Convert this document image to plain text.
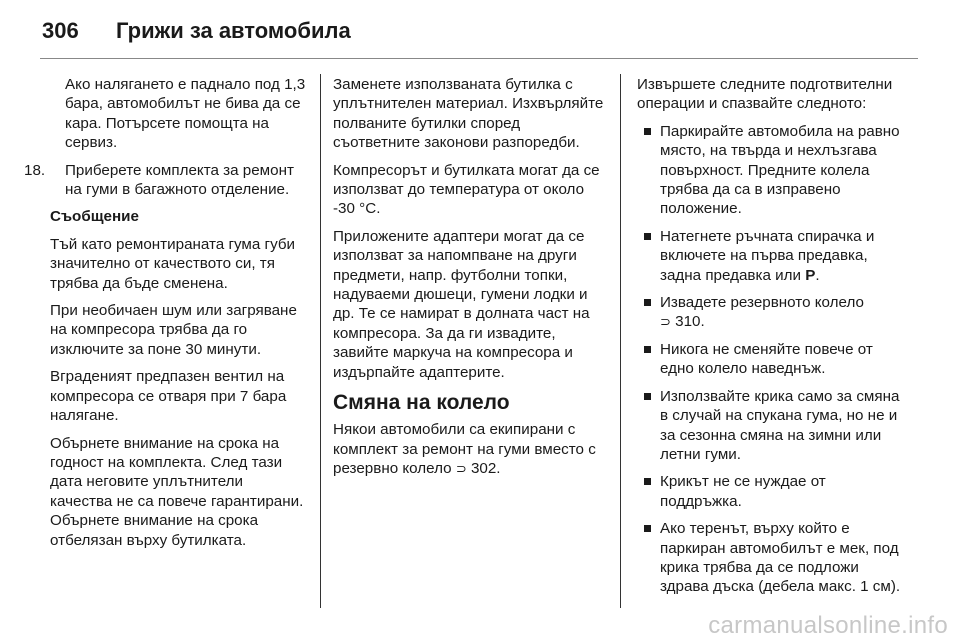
306 Грижи за автомобила

Ако налягането е паднало под 1,3 бара, автомобилът не бива да се кара. Потърсете помощта на сервиз.

18. Приберете комплекта за ремонт на гуми в багажното отделение.

Съобщение

Тъй като ремонтираната гума губи значително от качеството си, тя трябва да бъде сменена.

При необичаен шум или загряване на компресора трябва да го изключите за поне 30 минути.

Вграденият предпазен вентил на компресора се отваря при 7 бара налягане.

Обърнете внимание на срока на годност на комплекта. След тази дата неговите уплътнители качества не са повече гарантирани. Обърнете внимание на срока отбелязан върху бутилката.

Заменете използваната бутилка с уплътнителен материал. Изхвърляйте полваните бутилки според съответните законови разпоредби.

Компресорът и бутилката могат да се използват до температура от около -30 °C.

Приложените адаптери могат да се използват за напомпване на други предмети, напр. футболни топки, надуваеми дюшеци, гумени лодки и др. Те се намират в долната част на компресора. За да ги извадите, завийте маркуча на компресора и издърпайте адаптерите.

Смяна на колело

Някои автомобили са екипирани с комплект за ремонт на гуми вместо с резервно колело ⊃ 302.

Извършете следните подготвителни операции и спазвайте следното:

Паркирайте автомобила на равно място, на твърда и нехлъзгава повърхност. Предните колела трябва да са в изправено положение.
Натегнете ръчната спирачка и включете на първа предавка, задна предавка или P.
Извадете резервното колело
⊃ 310.
Никога не сменяйте повече от едно колело наведнъж.
Използвайте крика само за смяна в случай на спукана гума, но не и за сезонна смяна на зимни или летни гуми.
Крикът не се нуждае от поддръжка.
Ако теренът, върху който е паркиран автомобилът е мек, под крика трябва да се подложи здрава дъска (дебела макс. 1 см).
carmanualsonline.info
